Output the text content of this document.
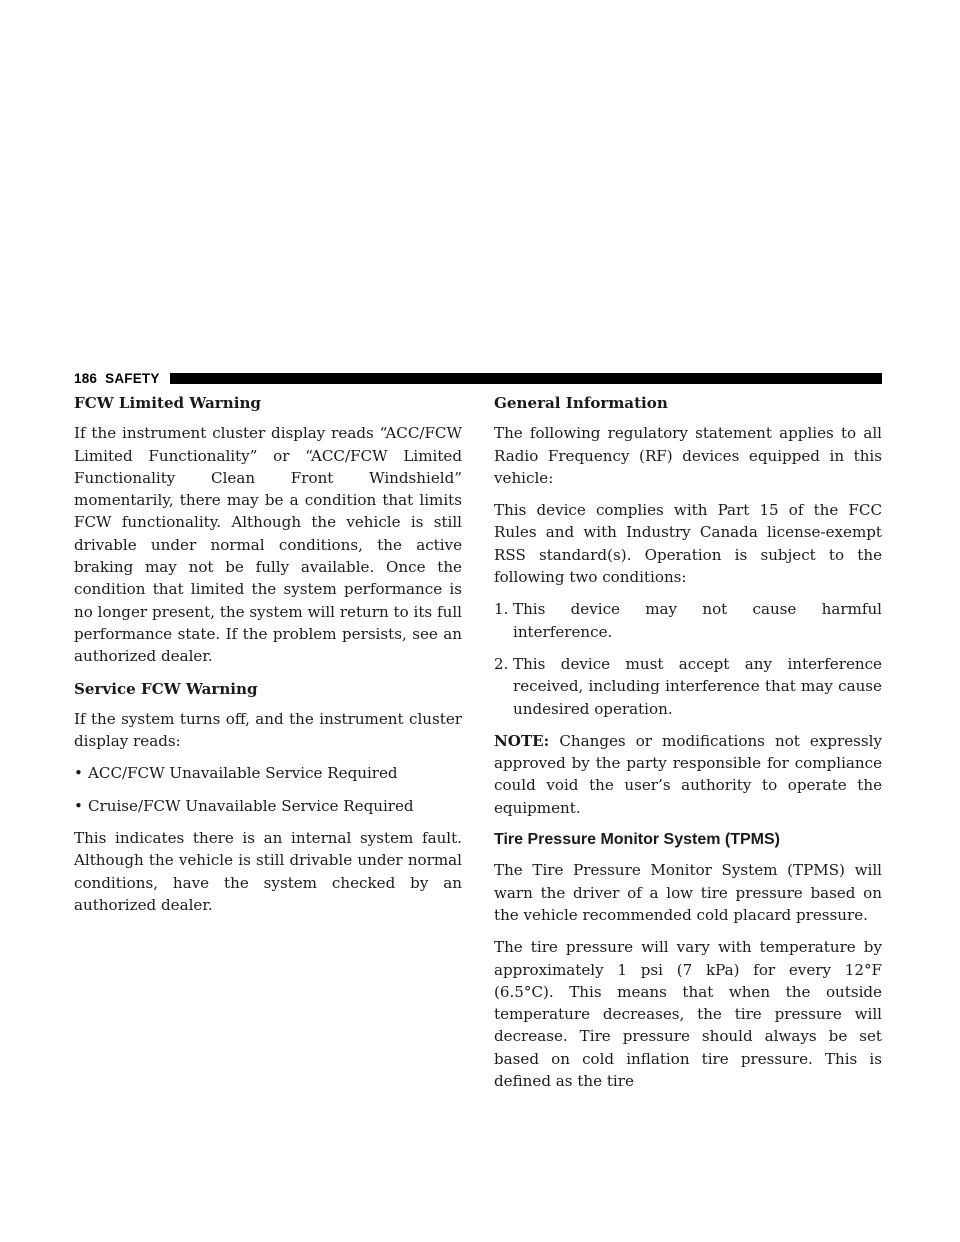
186 SAFETY
FCW Limited Warning

If the instrument cluster display reads “ACC/FCW Limited Functionality” or “ACC/FCW Limited Functionality Clean Front Windshield” momentarily, there may be a condition that limits FCW functionality. Although the vehicle is still drivable under normal conditions, the active braking may not be fully available. Once the condition that limited the system performance is no longer present, the system will return to its full performance state. If the problem persists, see an authorized dealer.

Service FCW Warning

If the system turns off, and the instrument cluster display reads:

• ACC/FCW Unavailable Service Required
• Cruise/FCW Unavailable Service Required

This indicates there is an internal system fault. Although the vehicle is still drivable under normal conditions, have the system checked by an authorized dealer.

General Information

The following regulatory statement applies to all Radio Frequency (RF) devices equipped in this vehicle:

This device complies with Part 15 of the FCC Rules and with Industry Canada license-exempt RSS standard(s). Operation is subject to the following two conditions:

1. This device may not cause harmful interference.
2. This device must accept any interference received, including interference that may cause undesired operation.

NOTE: Changes or modifications not expressly approved by the party responsible for compliance could void the user’s authority to operate the equipment.

Tire Pressure Monitor System (TPMS)

The Tire Pressure Monitor System (TPMS) will warn the driver of a low tire pressure based on the vehicle recommended cold placard pressure.

The tire pressure will vary with temperature by approximately 1 psi (7 kPa) for every 12°F (6.5°C). This means that when the outside temperature decreases, the tire pressure will decrease. Tire pressure should always be set based on cold inflation tire pressure. This is defined as the tire
